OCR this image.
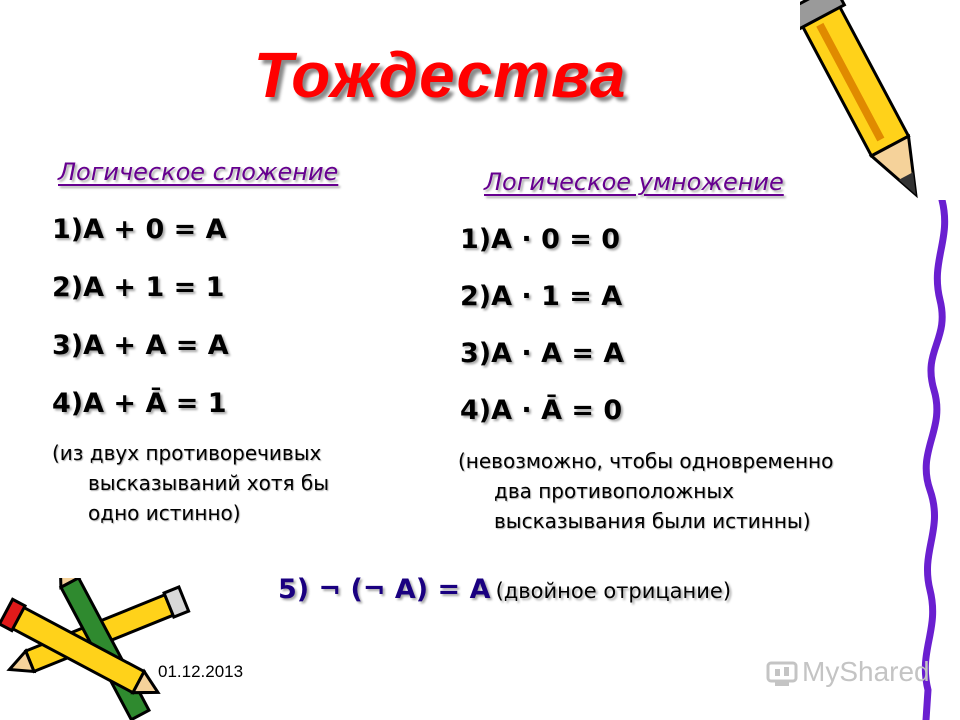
Тождества
Логическое сложение
1)A + 0 = A
2)A + 1 = 1
3)A + A = A
4)A + Ā = 1
(из двух противоречивых
высказываний хотя бы
одно истинно)
Логическое умножение
1)A · 0 = 0
2)A · 1 = A
3)A · A = A
4)A · Ā = 0
(невозможно, чтобы одновременно
два противоположных
высказывания были истинны)
5) ¬ (¬ A) = A (двойное отрицание)
01.12.2013	MyShared
